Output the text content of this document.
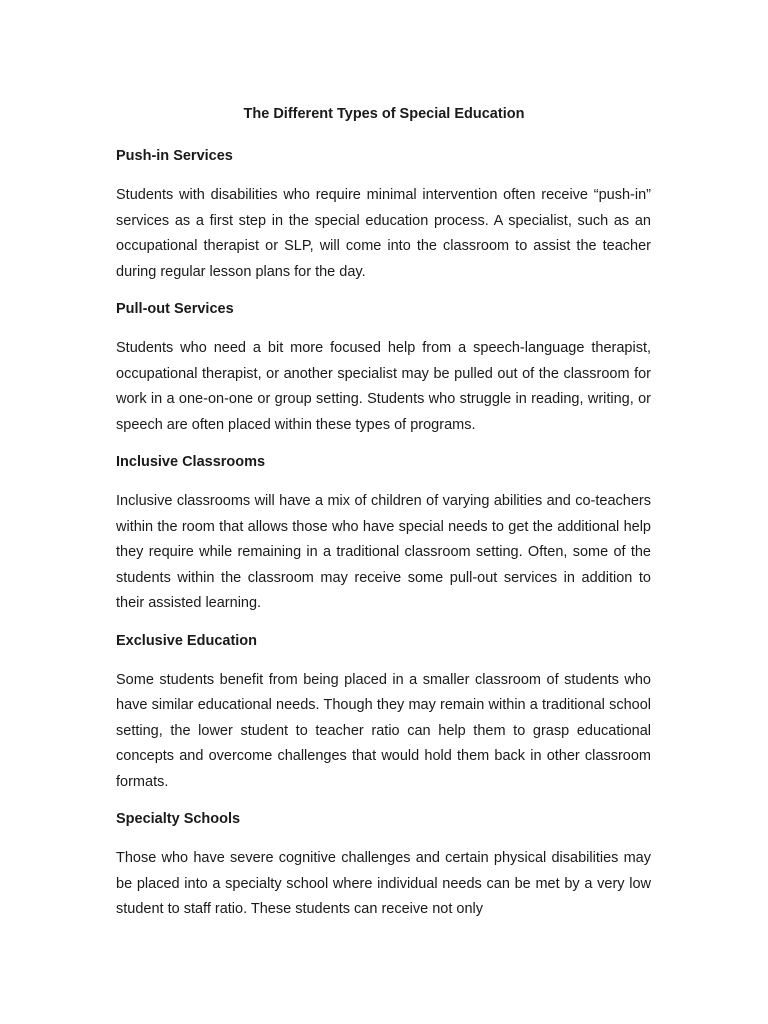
The Different Types of Special Education
Push-in Services

Students with disabilities who require minimal intervention often receive “push-in” services as a first step in the special education process. A specialist, such as an occupational therapist or SLP, will come into the classroom to assist the teacher during regular lesson plans for the day.

Pull-out Services

Students who need a bit more focused help from a speech-language therapist, occupational therapist, or another specialist may be pulled out of the classroom for work in a one-on-one or group setting. Students who struggle in reading, writing, or speech are often placed within these types of programs.

Inclusive Classrooms

Inclusive classrooms will have a mix of children of varying abilities and co-teachers within the room that allows those who have special needs to get the additional help they require while remaining in a traditional classroom setting. Often, some of the students within the classroom may receive some pull-out services in addition to their assisted learning.

Exclusive Education

Some students benefit from being placed in a smaller classroom of students who have similar educational needs. Though they may remain within a traditional school setting, the lower student to teacher ratio can help them to grasp educational concepts and overcome challenges that would hold them back in other classroom formats.

Specialty Schools

Those who have severe cognitive challenges and certain physical disabilities may be placed into a specialty school where individual needs can be met by a very low student to staff ratio. These students can receive not only
